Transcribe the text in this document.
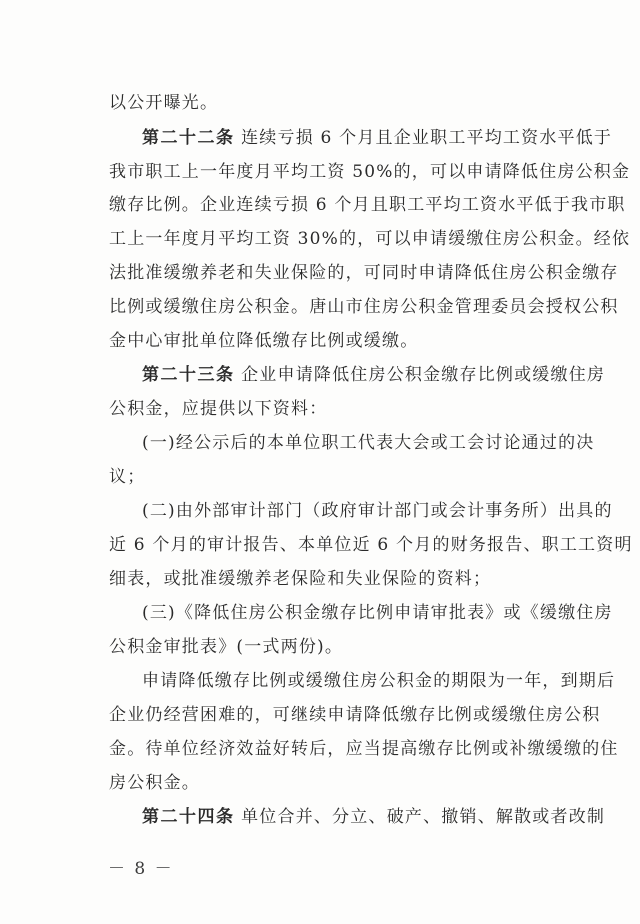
以公开曝光。
第二十二条 连续亏损 6 个月且企业职工平均工资水平低于
我市职工上一年度月平均工资 50%的，可以申请降低住房公积金
缴存比例。企业连续亏损 6 个月且职工平均工资水平低于我市职
工上一年度月平均工资 30%的，可以申请缓缴住房公积金。经依
法批准缓缴养老和失业保险的，可同时申请降低住房公积金缴存
比例或缓缴住房公积金。唐山市住房公积金管理委员会授权公积
金中心审批单位降低缴存比例或缓缴。
第二十三条 企业申请降低住房公积金缴存比例或缓缴住房
公积金，应提供以下资料：
(一)经公示后的本单位职工代表大会或工会讨论通过的决
议；
(二)由外部审计部门（政府审计部门或会计事务所）出具的
近 6 个月的审计报告、本单位近 6 个月的财务报告、职工工资明
细表，或批准缓缴养老保险和失业保险的资料；
(三)《降低住房公积金缴存比例申请审批表》或《缓缴住房
公积金审批表》(一式两份)。
申请降低缴存比例或缓缴住房公积金的期限为一年，到期后
企业仍经营困难的，可继续申请降低缴存比例或缓缴住房公积
金。待单位经济效益好转后，应当提高缴存比例或补缴缓缴的住
房公积金。
第二十四条 单位合并、分立、破产、撤销、解散或者改制
－ 8 －
